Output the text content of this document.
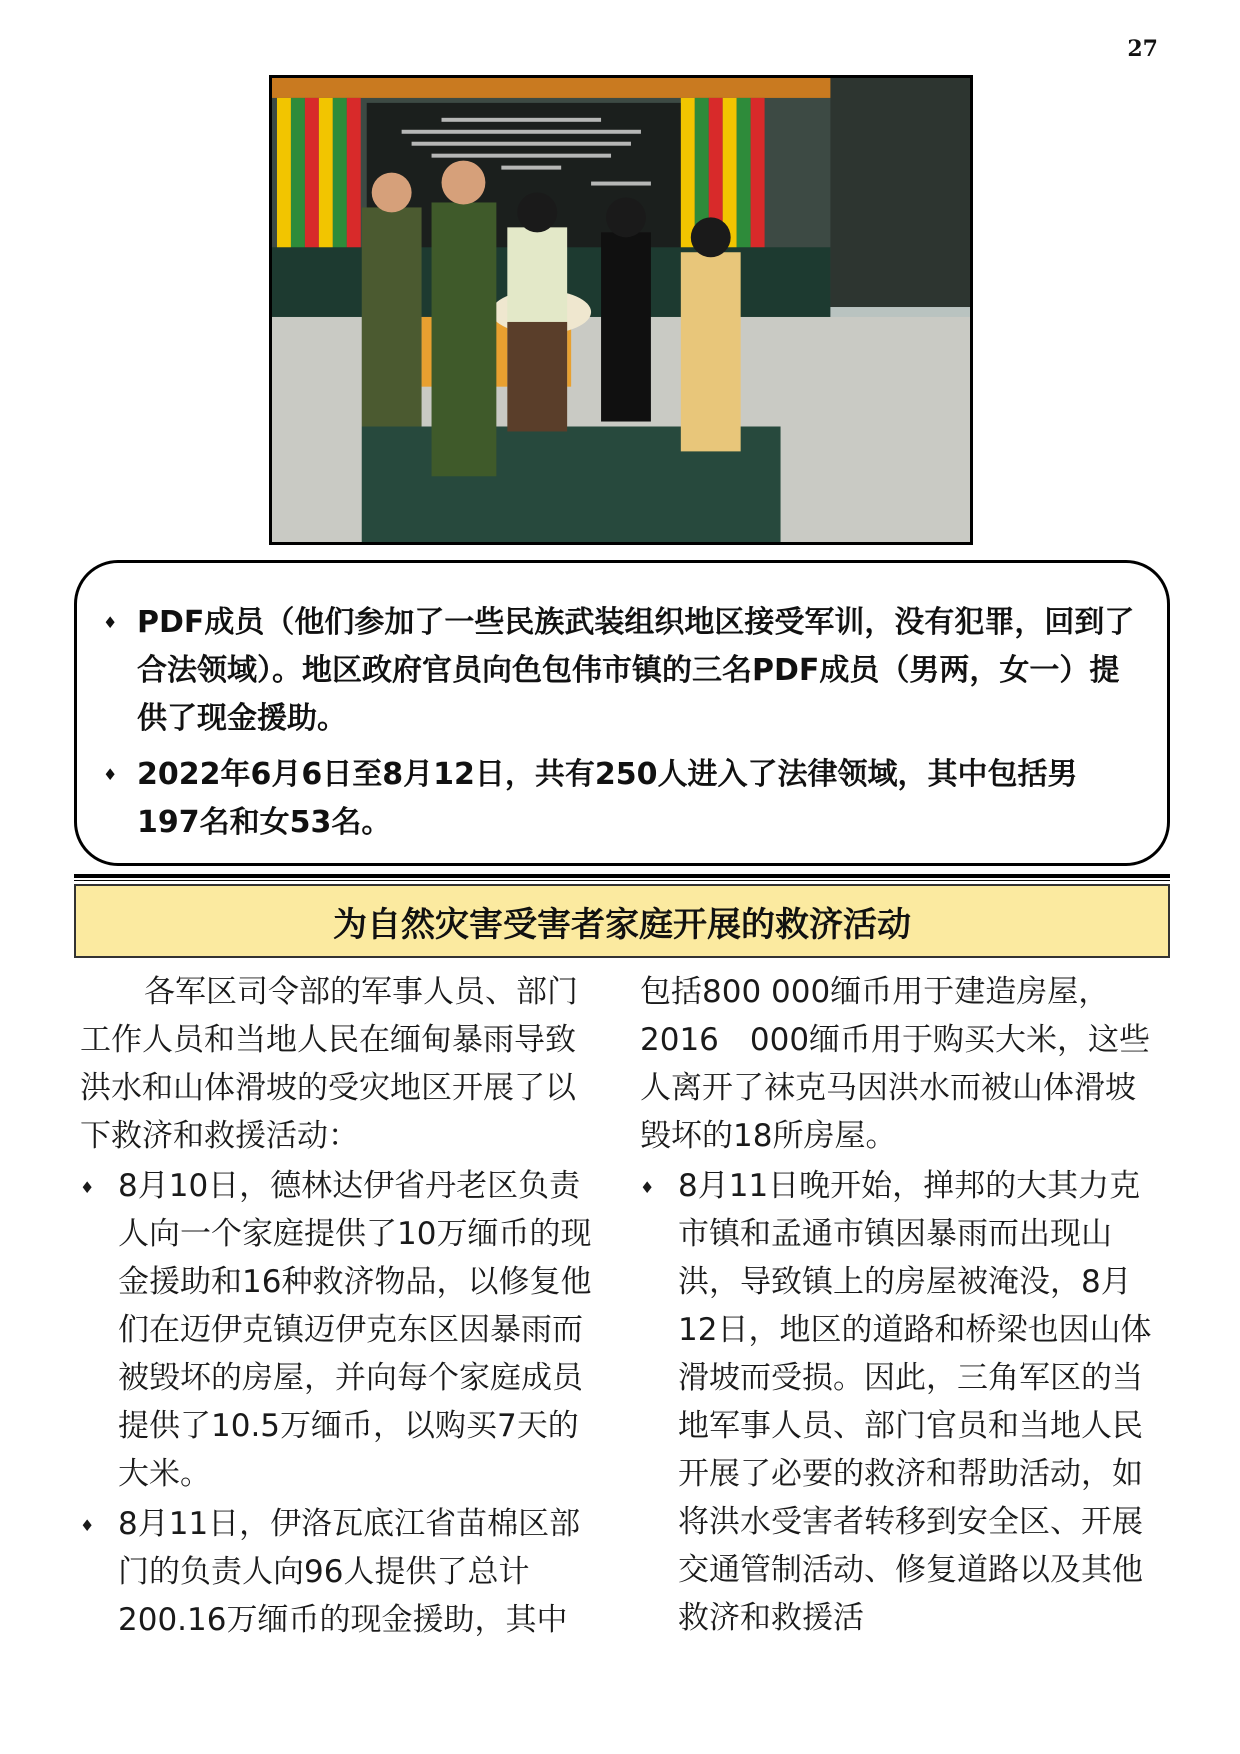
27
♦ PDF成员（他们参加了一些民族武装组织地区接受军训，没有犯罪，回到了合法领域）。地区政府官员向色包伟市镇的三名PDF成员（男两，女一）提供了现金援助。
♦ 2022年6月6日至8月12日，共有250人进入了法律领域，其中包括男197名和女53名。
为自然灾害受害者家庭开展的救济活动

各军区司令部的军事人员、部门工作人员和当地人民在缅甸暴雨导致洪水和山体滑坡的受灾地区开展了以下救济和救援活动：

♦ 8月10日，德林达伊省丹老区负责人向一个家庭提供了10万缅币的现金援助和16种救济物品，以修复他们在迈伊克镇迈伊克东区因暴雨而被毁坏的房屋，并向每个家庭成员提供了10.5万缅币，以购买7天的大米。
♦ 8月11日，伊洛瓦底江省苗棉区部门的负责人向96人提供了总计200.16万缅币的现金援助，其中

包括800 000缅币用于建造房屋，2016　000缅币用于购买大米，这些人离开了袜克马因洪水而被山体滑坡毁坏的18所房屋。

♦ 8月11日晚开始，掸邦的大其力克市镇和孟通市镇因暴雨而出现山洪，导致镇上的房屋被淹没，8月12日，地区的道路和桥梁也因山体滑坡而受损。因此，三角军区的当地军事人员、部门官员和当地人民开展了必要的救济和帮助活动，如将洪水受害者转移到安全区、开展交通管制活动、修复道路以及其他救济和救援活
